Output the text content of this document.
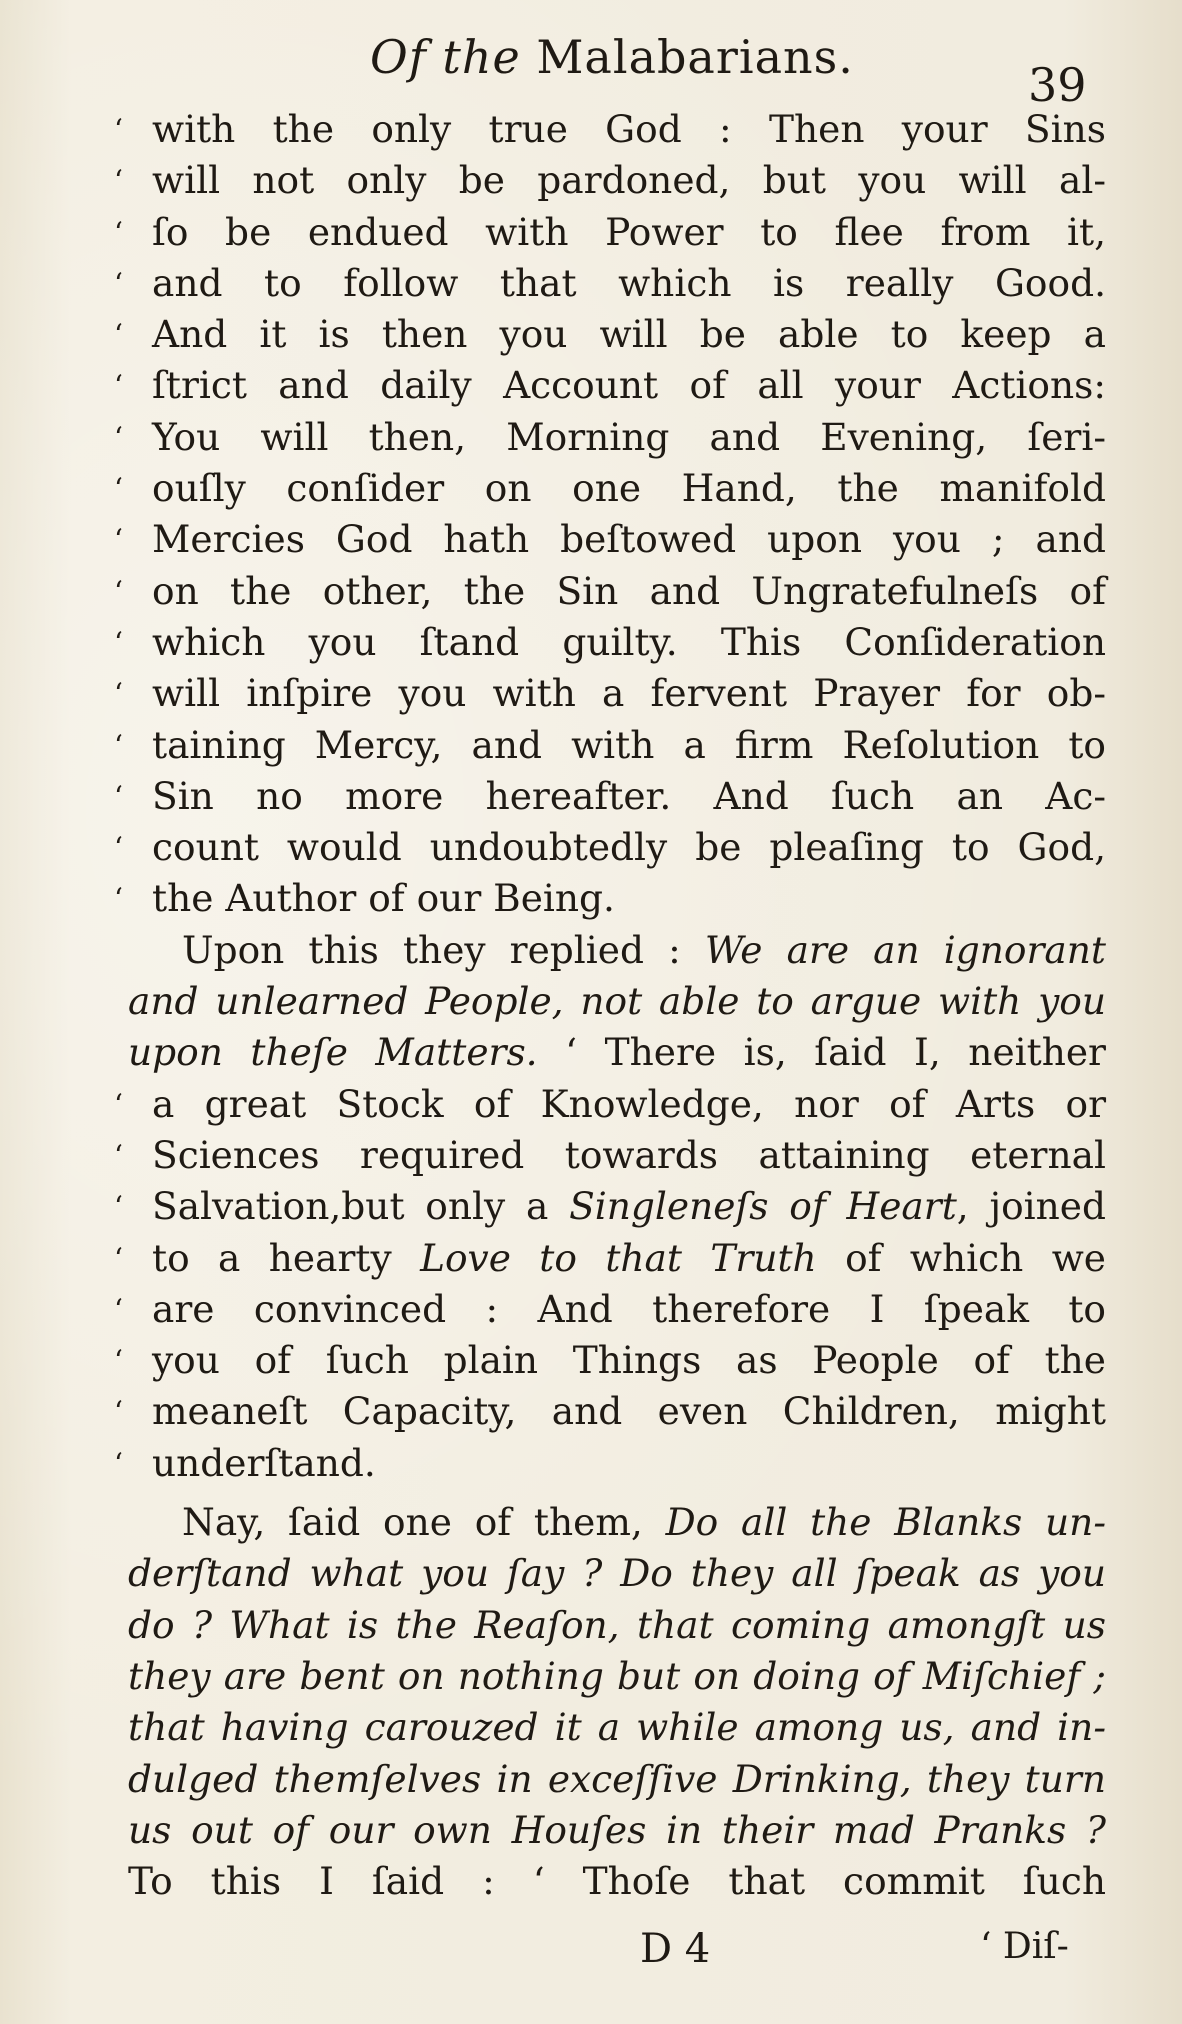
Of the Malabarians.
39
‘ with the only true God : Then your Sins
‘ will not only be pardoned, but you will al-
‘ ſo be endued with Power to flee from it,
‘ and to follow that which is really Good.
‘ And it is then you will be able to keep a
‘ ſtrict and daily Account of all your Actions:
‘ You will then, Morning and Evening, ſeri-
‘ ouſly conſider on one Hand, the manifold
‘ Mercies God hath beſtowed upon you ; and
‘ on the other, the Sin and Ungratefulneſs of
‘ which you ſtand guilty. This Conſideration
‘ will inſpire you with a fervent Prayer for ob-
‘ taining Mercy, and with a firm Reſolution to
‘ Sin no more hereafter. And ſuch an Ac-
‘ count would undoubtedly be pleaſing to God,
‘ the Author of our Being.
Upon this they replied : We are an ignorant
and unlearned People, not able to argue with you
upon theſe Matters. ‘ There is, ſaid I, neither
‘ a great Stock of Knowledge, nor of Arts or
‘ Sciences required towards attaining eternal
‘ Salvation,but only a Singleneſs of Heart, joined
‘ to a hearty Love to that Truth of which we
‘ are convinced : And therefore I ſpeak to
‘ you of ſuch plain Things as People of the
‘ meaneſt Capacity, and even Children, might
‘ underſtand.
Nay, ſaid one of them, Do all the Blanks un-
derſtand what you ſay ? Do they all ſpeak as you
do ? What is the Reaſon, that coming amongſt us
they are bent on nothing but on doing of Miſchief ;
that having carouzed it a while among us, and in-
dulged themſelves in exceſſive Drinking, they turn
us out of our own Houſes in their mad Pranks ?
To this I ſaid : ‘ Thoſe that commit ſuch
D 4	‘ Diſ-
